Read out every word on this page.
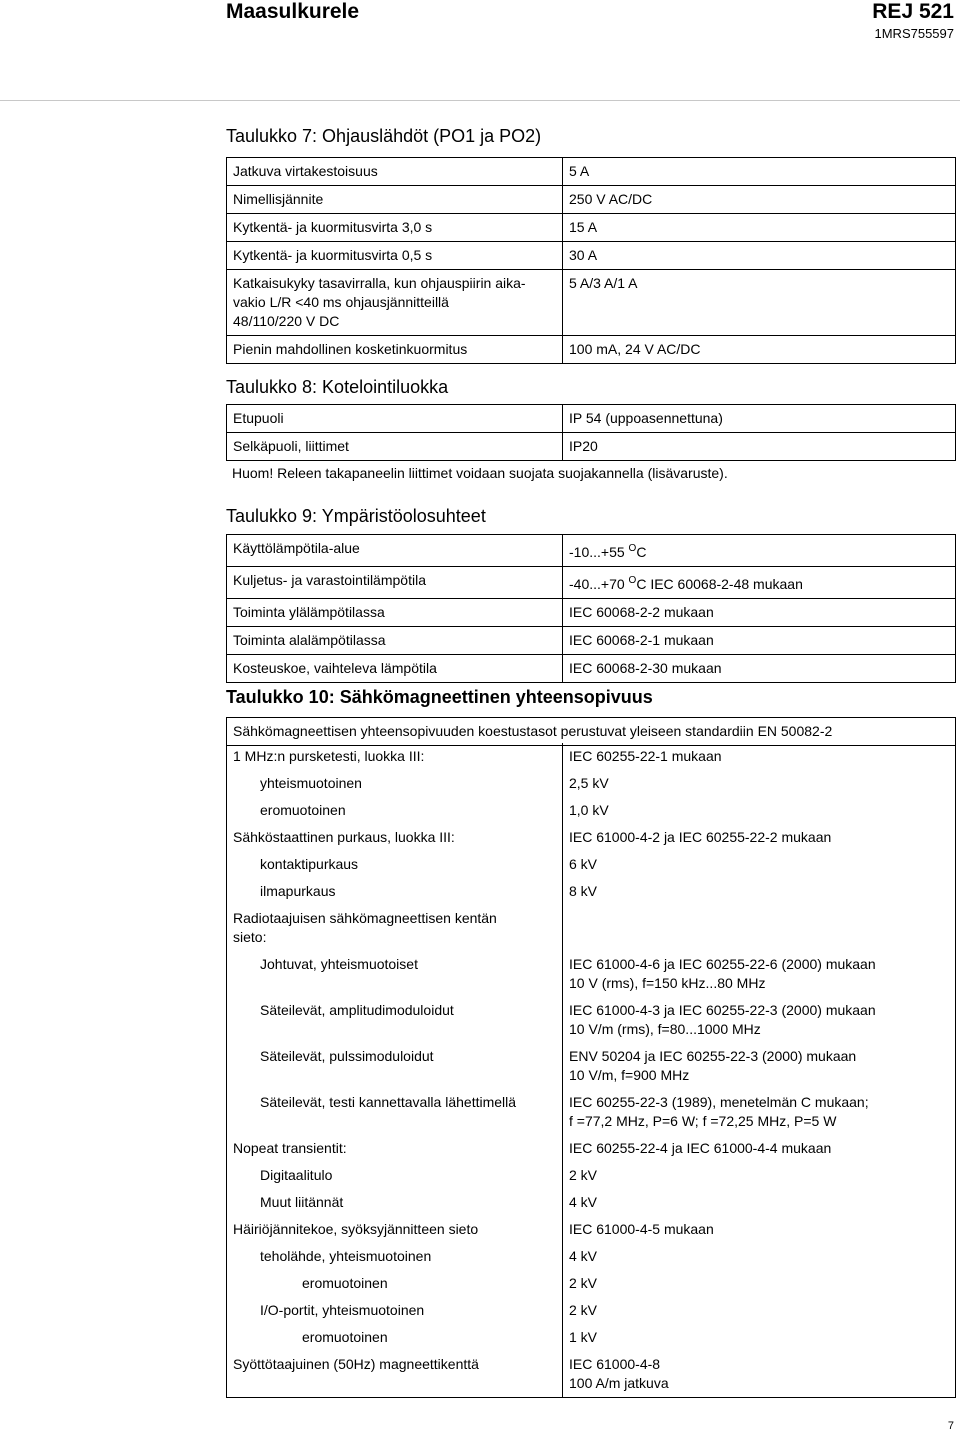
Maasulkurele	REJ 521
1MRS755597
Taulukko 7: Ohjauslähdöt (PO1 ja PO2)
Jatkuva virtakestoisuus	5 A
Nimellisjännite	250 V AC/DC
Kytkentä- ja kuormitusvirta 3,0 s	15 A
Kytkentä- ja kuormitusvirta 0,5 s	30 A
Katkaisukyky tasavirralla, kun ohjauspiirin aika-
vakio L/R <40 ms ohjausjännitteillä
48/110/220 V DC	5 A/3 A/1 A
Pienin mahdollinen kosketinkuormitus	100 mA, 24 V AC/DC
Taulukko 8: Kotelointiluokka
Etupuoli	IP 54 (uppoasennettuna)
Selkäpuoli, liittimet	IP20
Huom! Releen takapaneelin liittimet voidaan suojata suojakannella (lisävaruste).
Taulukko 9: Ympäristöolosuhteet
Käyttölämpötila-alue	-10...+55 $^O$C
Kuljetus- ja varastointilämpötila	-40...+70 $^O$C IEC 60068-2-48 mukaan
Toiminta ylälämpötilassa	IEC 60068-2-2 mukaan
Toiminta alalämpötilassa	IEC 60068-2-1 mukaan
Kosteuskoe, vaihteleva lämpötila	IEC 60068-2-30 mukaan
Taulukko 10: Sähkömagneettinen yhteensopivuus
Sähkömagneettisen yhteensopivuuden koestustasot perustuvat yleiseen standardiin EN 50082-2
1 MHz:n pursketesti, luokka III:	IEC 60255-22-1 mukaan
yhteismuotoinen	2,5 kV
eromuotoinen	1,0 kV
Sähköstaattinen purkaus, luokka III:	IEC 61000-4-2 ja IEC 60255-22-2 mukaan
kontaktipurkaus	6 kV
ilmapurkaus	8 kV
Radiotaajuisen sähkömagneettisen kentän
sieto:	
Johtuvat, yhteismuotoiset	IEC 61000-4-6 ja IEC 60255-22-6 (2000) mukaan
10 V (rms), f=150 kHz...80 MHz
Säteilevät, amplitudimoduloidut	IEC 61000-4-3 ja IEC 60255-22-3 (2000) mukaan
10 V/m (rms), f=80...1000 MHz
Säteilevät, pulssimoduloidut	ENV 50204 ja IEC 60255-22-3 (2000) mukaan
10 V/m, f=900 MHz
Säteilevät, testi kannettavalla lähettimellä	IEC 60255-22-3 (1989), menetelmän C mukaan;
f =77,2 MHz, P=6 W; f =72,25 MHz, P=5 W
Nopeat transientit:	IEC 60255-22-4 ja IEC 61000-4-4 mukaan
Digitaalitulo	2 kV
Muut liitännät	4 kV
Häiriöjännitekoe, syöksyjännitteen sieto	IEC 61000-4-5 mukaan
teholähde, yhteismuotoinen	4 kV
eromuotoinen	2 kV
I/O-portit, yhteismuotoinen	2 kV
eromuotoinen	1 kV
Syöttötaajuinen (50Hz) magneettikenttä	IEC 61000-4-8
100 A/m jatkuva
7
